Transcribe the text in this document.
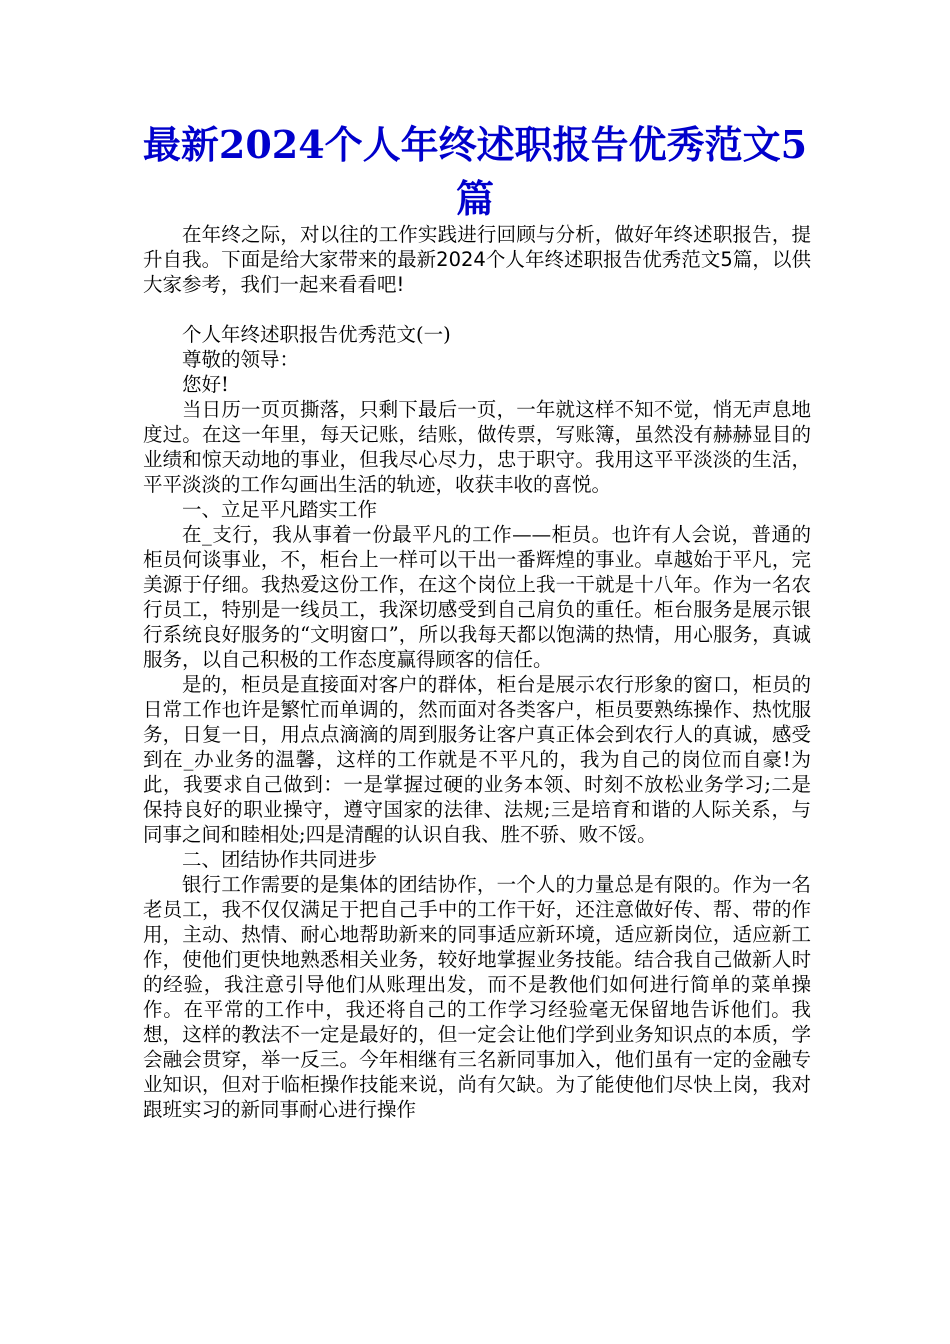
最新2024个人年终述职报告优秀范文5篇

在年终之际，对以往的工作实践进行回顾与分析，做好年终述职报告，提升自我。下面是给大家带来的最新2024个人年终述职报告优秀范文5篇，以供大家参考，我们一起来看看吧!

个人年终述职报告优秀范文(一)

尊敬的领导：

您好!

当日历一页页撕落，只剩下最后一页，一年就这样不知不觉，悄无声息地度过。在这一年里，每天记账，结账，做传票，写账簿，虽然没有赫赫显目的业绩和惊天动地的事业，但我尽心尽力，忠于职守。我用这平平淡淡的生活，平平淡淡的工作勾画出生活的轨迹，收获丰收的喜悦。

一、立足平凡踏实工作

在_支行，我从事着一份最平凡的工作——柜员。也许有人会说，普通的柜员何谈事业，不，柜台上一样可以干出一番辉煌的事业。卓越始于平凡，完美源于仔细。我热爱这份工作，在这个岗位上我一干就是十八年。作为一名农行员工，特别是一线员工，我深切感受到自己肩负的重任。柜台服务是展示银行系统良好服务的“文明窗口”，所以我每天都以饱满的热情，用心服务，真诚服务，以自己积极的工作态度赢得顾客的信任。

是的，柜员是直接面对客户的群体，柜台是展示农行形象的窗口，柜员的日常工作也许是繁忙而单调的，然而面对各类客户，柜员要熟练操作、热忱服务，日复一日，用点点滴滴的周到服务让客户真正体会到农行人的真诚，感受到在_办业务的温馨，这样的工作就是不平凡的，我为自己的岗位而自豪!为此，我要求自己做到：一是掌握过硬的业务本领、时刻不放松业务学习;二是保持良好的职业操守，遵守国家的法律、法规;三是培育和谐的人际关系，与同事之间和睦相处;四是清醒的认识自我、胜不骄、败不馁。

二、团结协作共同进步

银行工作需要的是集体的团结协作，一个人的力量总是有限的。作为一名老员工，我不仅仅满足于把自己手中的工作干好，还注意做好传、帮、带的作用，主动、热情、耐心地帮助新来的同事适应新环境，适应新岗位，适应新工作，使他们更快地熟悉相关业务，较好地掌握业务技能。结合我自己做新人时的经验，我注意引导他们从账理出发，而不是教他们如何进行简单的菜单操作。在平常的工作中，我还将自己的工作学习经验毫无保留地告诉他们。我想，这样的教法不一定是最好的，但一定会让他们学到业务知识点的本质，学会融会贯穿，举一反三。今年相继有三名新同事加入，他们虽有一定的金融专业知识，但对于临柜操作技能来说，尚有欠缺。为了能使他们尽快上岗，我对跟班实习的新同事耐心进行操作
